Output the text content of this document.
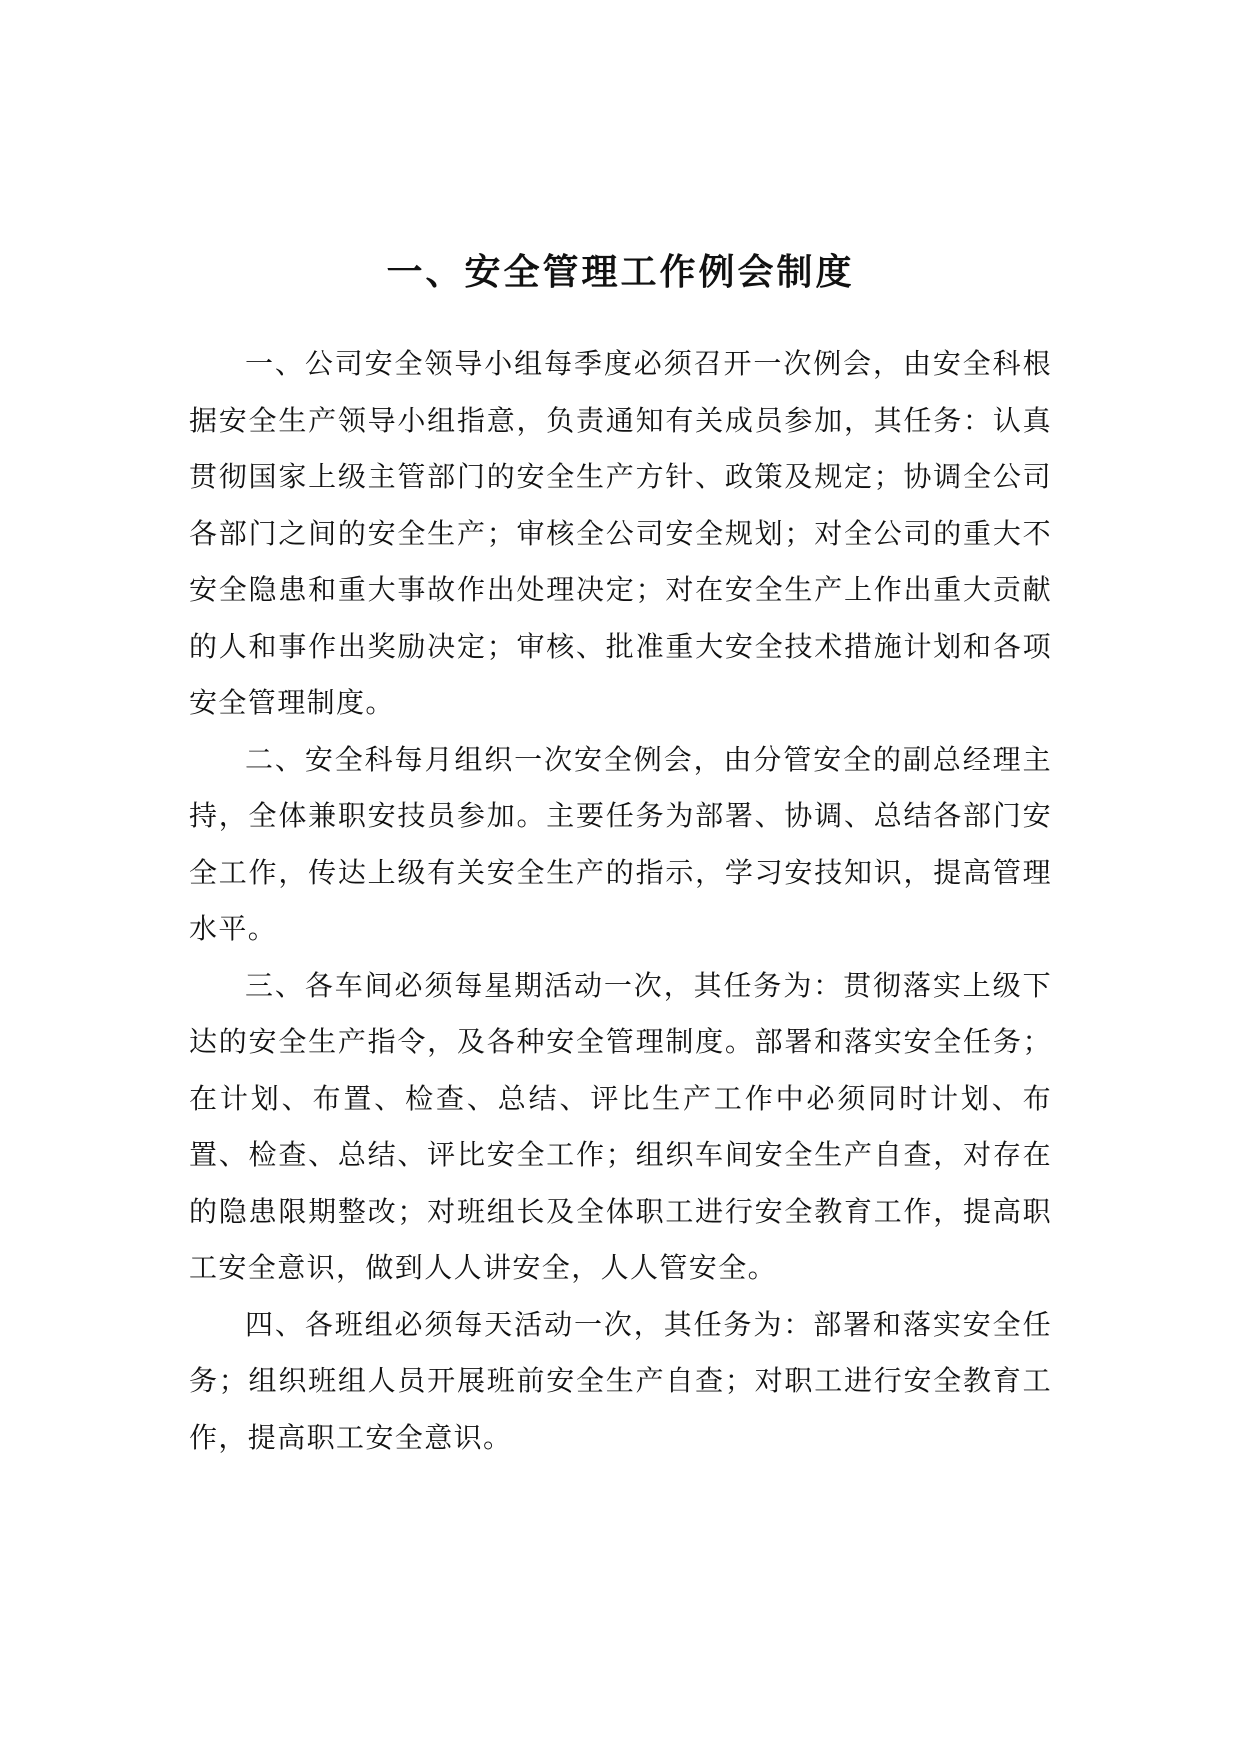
一、安全管理工作例会制度

一、公司安全领导小组每季度必须召开一次例会，由安全科根据安全生产领导小组指意，负责通知有关成员参加，其任务：认真贯彻国家上级主管部门的安全生产方针、政策及规定；协调全公司各部门之间的安全生产；审核全公司安全规划；对全公司的重大不安全隐患和重大事故作出处理决定；对在安全生产上作出重大贡献的人和事作出奖励决定；审核、批准重大安全技术措施计划和各项安全管理制度。

二、安全科每月组织一次安全例会，由分管安全的副总经理主持，全体兼职安技员参加。主要任务为部署、协调、总结各部门安全工作，传达上级有关安全生产的指示，学习安技知识，提高管理水平。

三、各车间必须每星期活动一次，其任务为：贯彻落实上级下达的安全生产指令，及各种安全管理制度。部署和落实安全任务；在计划、布置、检查、总结、评比生产工作中必须同时计划、布置、检查、总结、评比安全工作；组织车间安全生产自查，对存在的隐患限期整改；对班组长及全体职工进行安全教育工作，提高职工安全意识，做到人人讲安全，人人管安全。

四、各班组必须每天活动一次，其任务为：部署和落实安全任务；组织班组人员开展班前安全生产自查；对职工进行安全教育工作，提高职工安全意识。
